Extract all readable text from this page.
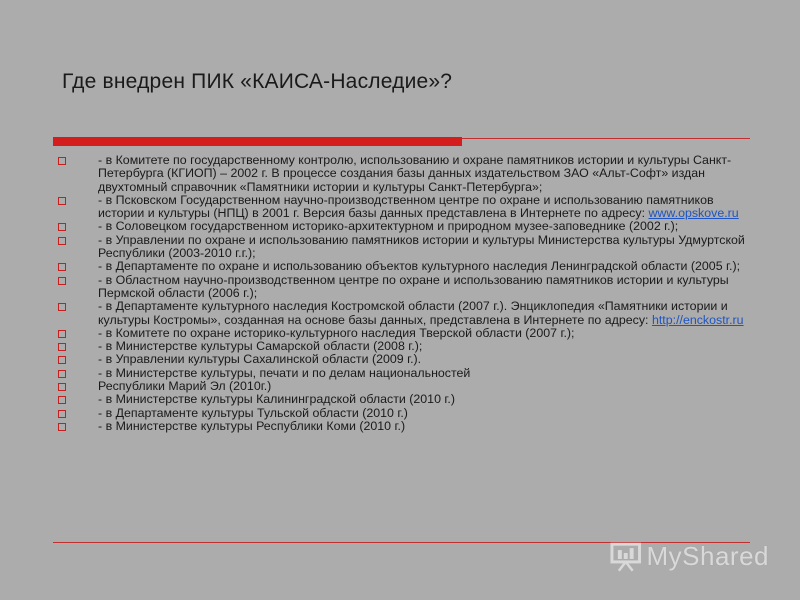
Где внедрен ПИК «КАИСА-Наследие»?
- в Комитете по государственному контролю, использованию и охране памятников истории и культуры Санкт-Петербурга (КГИОП) – 2002 г. В процессе создания базы данных издательством ЗАО «Альт-Софт» издан двухтомный справочник «Памятники истории и культуры Санкт-Петербурга»;
- в Псковском Государственном научно-производственном центре по охране и использованию памятников истории и культуры (НПЦ) в 2001 г. Версия базы данных представлена в Интернете по адресу: www.opskove.ru
- в Соловецком государственном историко-архитектурном и природном музее-заповеднике (2002 г.);
- в Управлении по охране и использованию памятников истории и культуры Министерства культуры Удмуртской Республики (2003-2010 г.г.);
- в Департаменте по охране и использованию объектов культурного наследия Ленинградской области (2005 г.);
- в Областном научно-производственном центре по охране и использованию памятников истории и культуры Пермской области (2006 г.);
- в Департаменте культурного наследия Костромской области (2007 г.). Энциклопедия «Памятники истории и культуры Костромы», созданная на основе базы данных, представлена в Интернете по адресу: http://enckostr.ru
- в Комитете по охране историко-культурного наследия Тверской области (2007 г.);
- в Министерстве культуры Самарской области (2008 г.);
- в Управлении культуры Сахалинской области (2009 г.).
- в Министерстве культуры, печати и по делам национальностей
Республики Марий Эл (2010г.)
- в Министерстве культуры Калининградской области (2010 г.)
- в Департаменте культуры Тульской области (2010 г.)
- в Министерстве культуры Республики Коми (2010 г.)
MyShared
